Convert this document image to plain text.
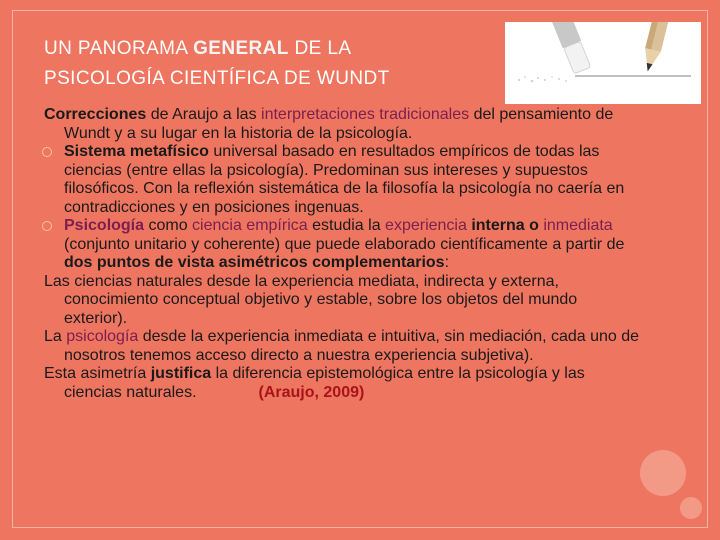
UN PANORAMA GENERAL DE LA
PSICOLOGÍA CIENTÍFICA DE WUNDT

Correcciones de Araujo a las interpretaciones tradicionales del pensamiento de Wundt y a su lugar en la historia de la psicología.

Sistema metafísico universal basado en resultados empíricos de todas las ciencias (entre ellas la psicología). Predominan sus intereses y supuestos filosóficos. Con la reflexión sistemática de la filosofía la psicología no caería en contradicciones y en posiciones ingenuas.

Psicología como ciencia empírica estudia la experiencia interna o inmediata (conjunto unitario y coherente) que puede elaborado científicamente a partir de dos puntos de vista asimétricos complementarios:

Las ciencias naturales desde la experiencia mediata, indirecta y externa, conocimiento conceptual objetivo y estable, sobre los objetos del mundo exterior).

La psicología desde la experiencia inmediata e intuitiva, sin mediación, cada uno de nosotros tenemos acceso directo a nuestra experiencia subjetiva).

Esta asimetría justifica la diferencia epistemológica entre la psicología y las ciencias naturales.	(Araujo, 2009)
